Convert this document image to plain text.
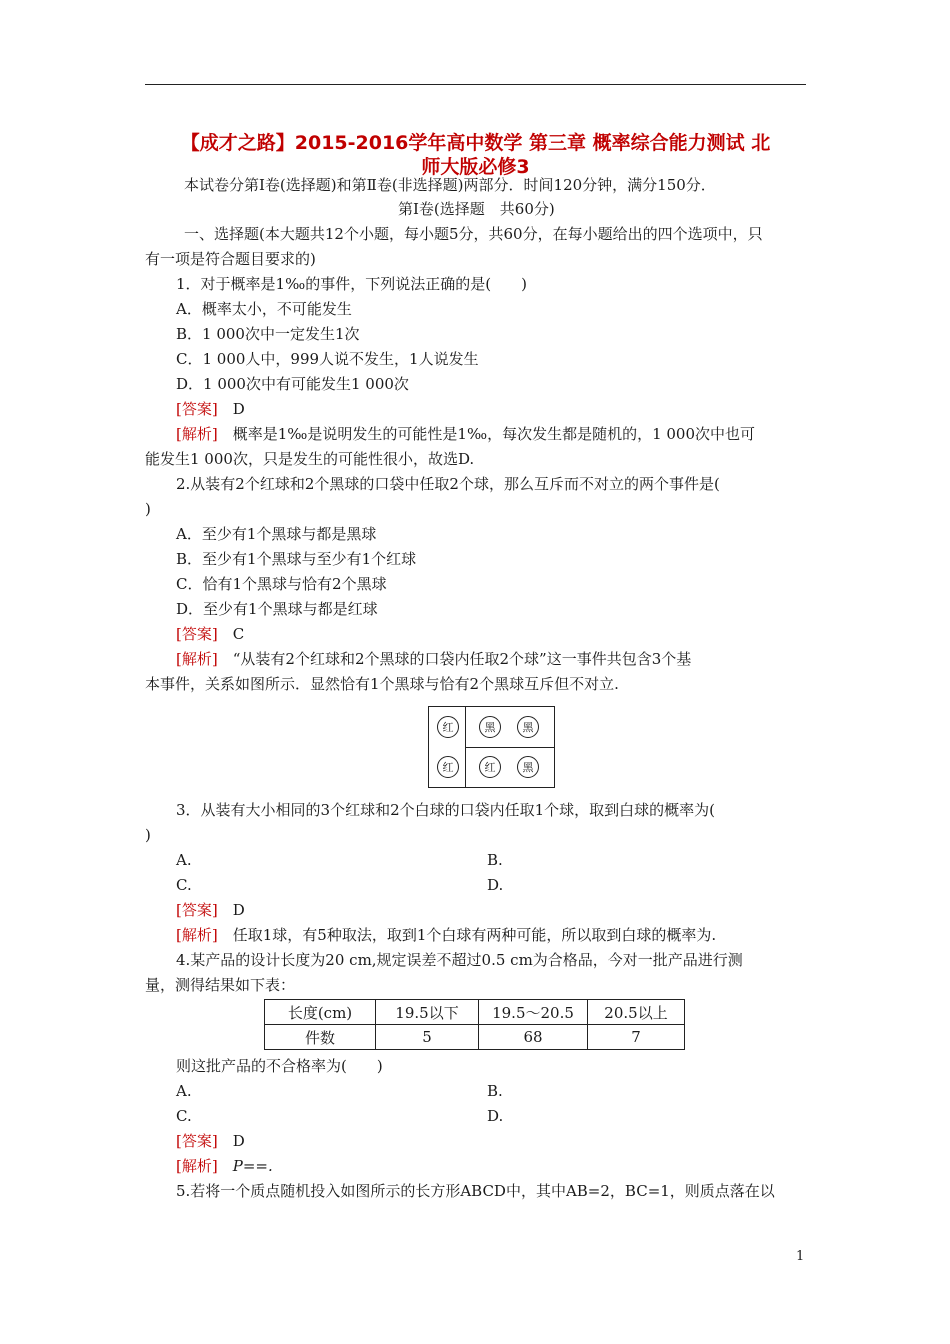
【成才之路】2015-2016学年高中数学 第三章 概率综合能力测试 北
师大版必修3
本试卷分第Ⅰ卷(选择题)和第Ⅱ卷(非选择题)两部分．时间120分钟，满分150分．
第Ⅰ卷(选择题　共60分)
一、选择题(本大题共12个小题，每小题5分，共60分，在每小题给出的四个选项中，只
有一项是符合题目要求的)
1．对于概率是1‰的事件，下列说法正确的是(　　)
A．概率太小，不可能发生
B．1 000次中一定发生1次
C．1 000人中，999人说不发生，1人说发生
D．1 000次中有可能发生1 000次
[答案]　 D
[解析]　 概率是1‰是说明发生的可能性是1‰，每次发生都是随机的，1 000次中也可
能发生1 000次，只是发生的可能性很小，故选D.
2.从装有2个红球和2个黑球的口袋中任取2个球，那么互斥而不对立的两个事件是(
)
A．至少有1个黑球与都是黑球
B．至少有1个黑球与至少有1个红球
C．恰有1个黑球与恰有2个黑球
D．至少有1个黑球与都是红球
[答案]　 C
[解析]　 “从装有2个红球和2个黑球的口袋内任取2个球”这一事件共包含3个基
本事件，关系如图所示．显然恰有1个黑球与恰有2个黑球互斥但不对立.
红	黑	黑
红	红	黑
3．从装有大小相同的3个红球和2个白球的口袋内任取1个球，取到白球的概率为(
)
A.	B.
C.	D.
[答案]　 D
[解析]　 任取1球，有5种取法，取到1个白球有两种可能，所以取到白球的概率为.
4.某产品的设计长度为20 cm,规定误差不超过0.5 cm为合格品，今对一批产品进行测
量，测得结果如下表：
长度(cm)	19.5以下	19.5～20.5	20.5以上
件数	5	68	7
则这批产品的不合格率为(　　)
A.	B.
C.	D.
[答案]　 D
[解析]　 P==.
5.若将一个质点随机投入如图所示的长方形ABCD中，其中AB=2，BC=1，则质点落在以
1
